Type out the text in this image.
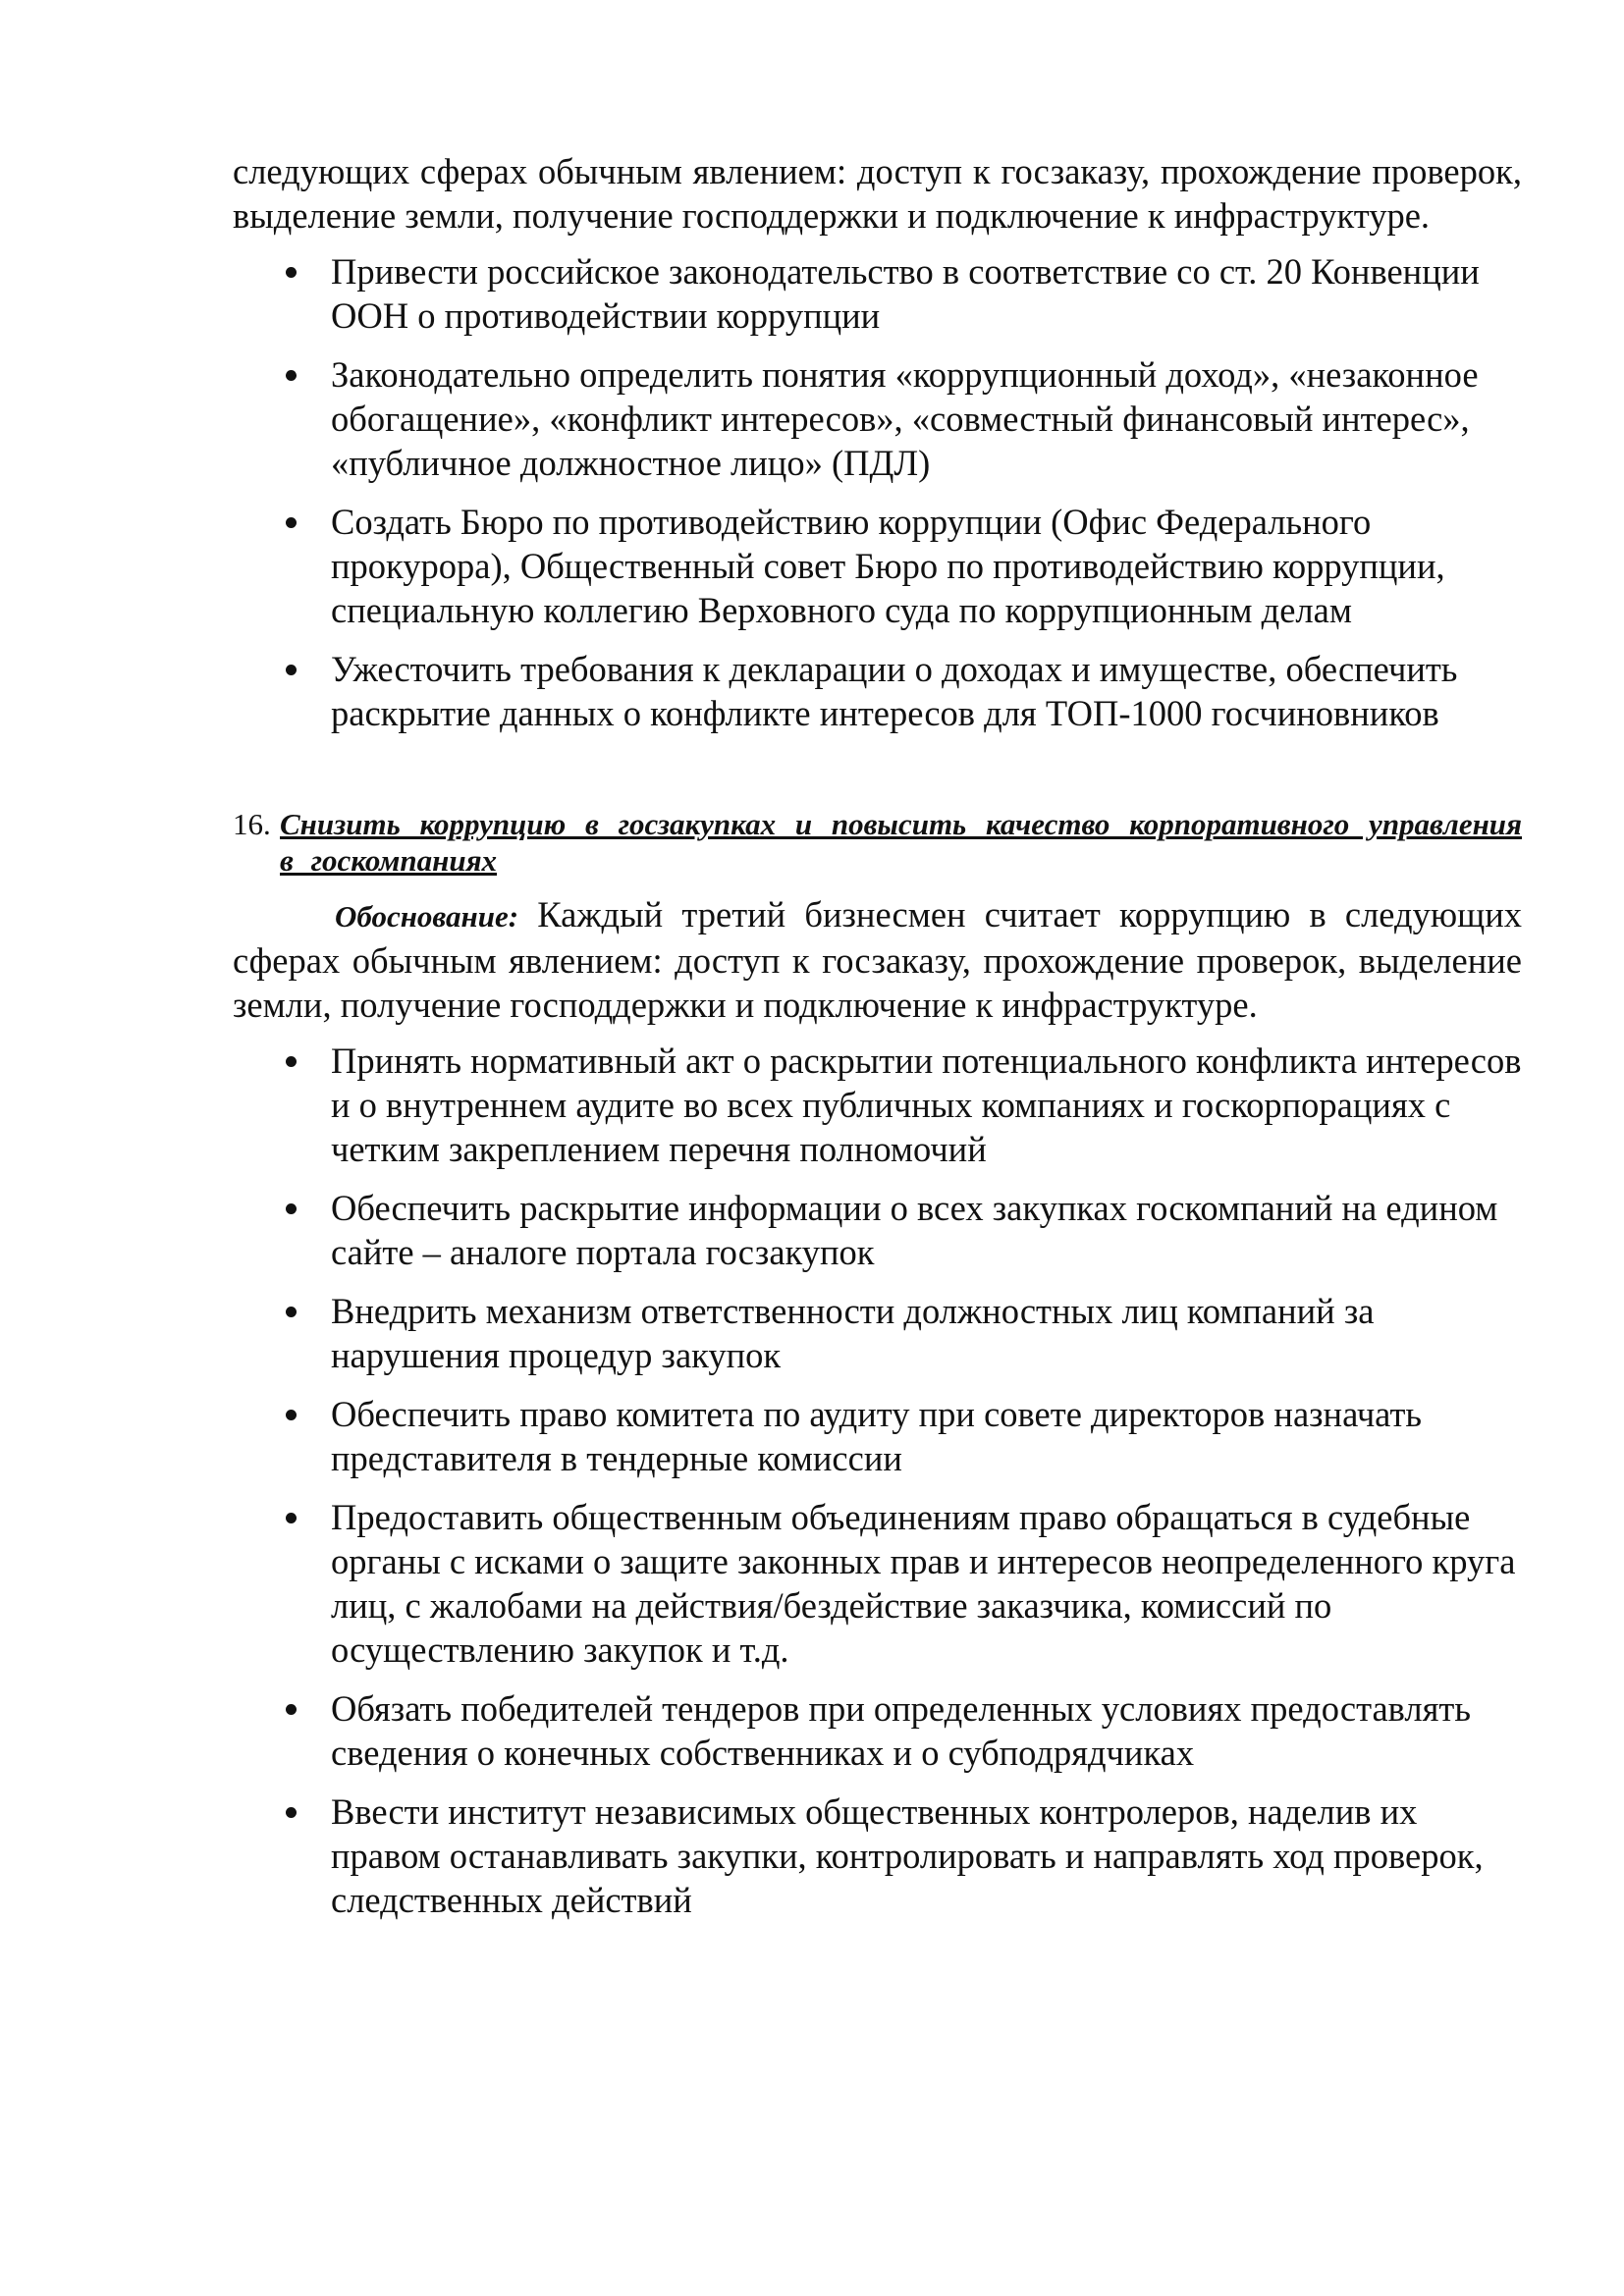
следующих сферах обычным явлением: доступ к госзаказу, прохождение проверок, выделение земли, получение господдержки и подключение к инфраструктуре.

Привести российское законодательство в соответствие со ст. 20 Конвенции ООН о противодействии коррупции
Законодательно определить понятия «коррупционный доход», «незаконное обогащение», «конфликт интересов», «совместный финансовый интерес», «публичное должностное лицо» (ПДЛ)
Создать Бюро по противодействию коррупции (Офис Федерального прокурора), Общественный совет Бюро по противодействию коррупции, специальную коллегию Верховного суда по коррупционным делам
Ужесточить требования к декларации о доходах и имуществе, обеспечить раскрытие данных о конфликте интересов для ТОП-1000 госчиновников
16. Снизить коррупцию в госзакупках и повысить качество корпоративного управления в госкомпаниях

Обоснование: Каждый третий бизнесмен считает коррупцию в следующих сферах обычным явлением: доступ к госзаказу, прохождение проверок, выделение земли, получение господдержки и подключение к инфраструктуре.

Принять нормативный акт о раскрытии потенциального конфликта интересов и о внутреннем аудите во всех публичных компаниях и госкорпорациях с четким закреплением перечня полномочий
Обеспечить раскрытие информации о всех закупках госкомпаний на едином сайте – аналоге портала госзакупок
Внедрить механизм ответственности должностных лиц компаний за нарушения процедур закупок
Обеспечить право комитета по аудиту при совете директоров назначать представителя в тендерные комиссии
Предоставить общественным объединениям право обращаться в судебные органы с исками о защите законных прав и интересов неопределенного круга лиц, с жалобами на действия/бездействие заказчика, комиссий по осуществлению закупок и т.д.
Обязать победителей тендеров при определенных условиях предоставлять сведения о конечных собственниках и о субподрядчиках
Ввести институт независимых общественных контролеров, наделив их правом останавливать закупки, контролировать и направлять ход проверок, следственных действий
